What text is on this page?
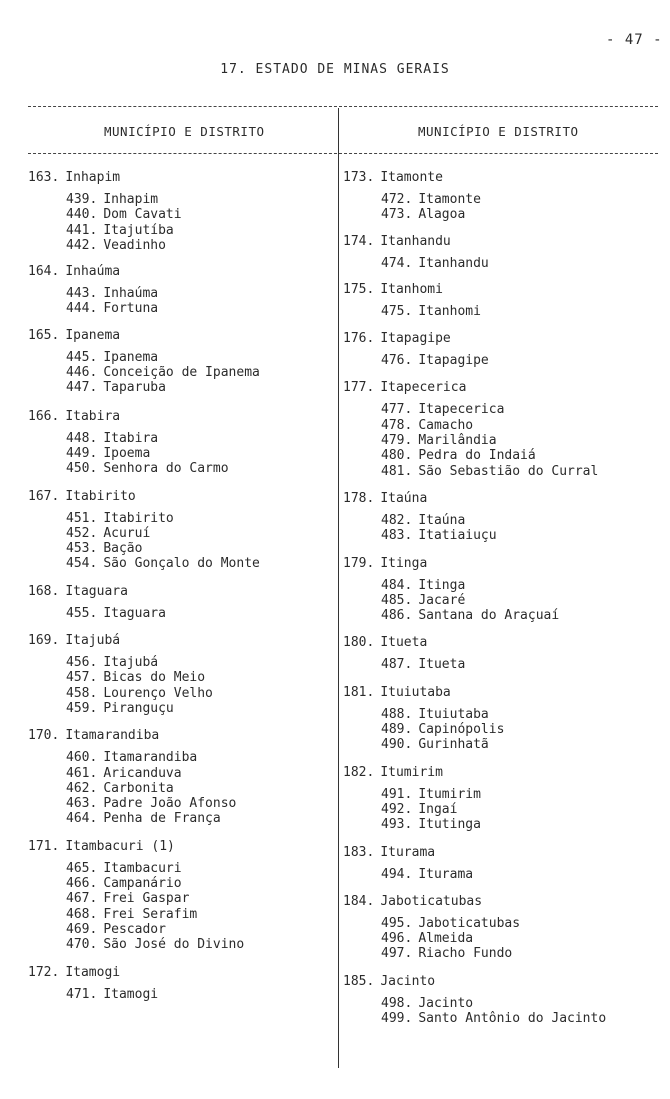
- 47 -
17. ESTADO DE MINAS GERAIS
MUNICÍPIO E DISTRITO	MUNICÍPIO E DISTRITO
163. Inhapim
439. Inhapim
440. Dom Cavati
441. Itajutíba
442. Veadinho
164. Inhaúma
443. Inhaúma
444. Fortuna
165. Ipanema
445. Ipanema
446. Conceição de Ipanema
447. Taparuba
166. Itabira
448. Itabira
449. Ipoema
450. Senhora do Carmo
167. Itabirito
451. Itabirito
452. Acuruí
453. Bação
454. São Gonçalo do Monte
168. Itaguara
455. Itaguara
169. Itajubá
456. Itajubá
457. Bicas do Meio
458. Lourenço Velho
459. Piranguçu
170. Itamarandiba
460. Itamarandiba
461. Aricanduva
462. Carbonita
463. Padre João Afonso
464. Penha de França
171. Itambacuri (1)
465. Itambacuri
466. Campanário
467. Frei Gaspar
468. Frei Serafim
469. Pescador
470. São José do Divino
172. Itamogi
471. Itamogi
173. Itamonte
472. Itamonte
473. Alagoa
174. Itanhandu
474. Itanhandu
175. Itanhomi
475. Itanhomi
176. Itapagipe
476. Itapagipe
177. Itapecerica
477. Itapecerica
478. Camacho
479. Marilândia
480. Pedra do Indaiá
481. São Sebastião do Curral
178. Itaúna
482. Itaúna
483. Itatiaiuçu
179. Itinga
484. Itinga
485. Jacaré
486. Santana do Araçuaí
180. Itueta
487. Itueta
181. Ituiutaba
488. Ituiutaba
489. Capinópolis
490. Gurinhatã
182. Itumirim
491. Itumirim
492. Ingaí
493. Itutinga
183. Iturama
494. Iturama
184. Jaboticatubas
495. Jaboticatubas
496. Almeida
497. Riacho Fundo
185. Jacinto
498. Jacinto
499. Santo Antônio do Jacinto
